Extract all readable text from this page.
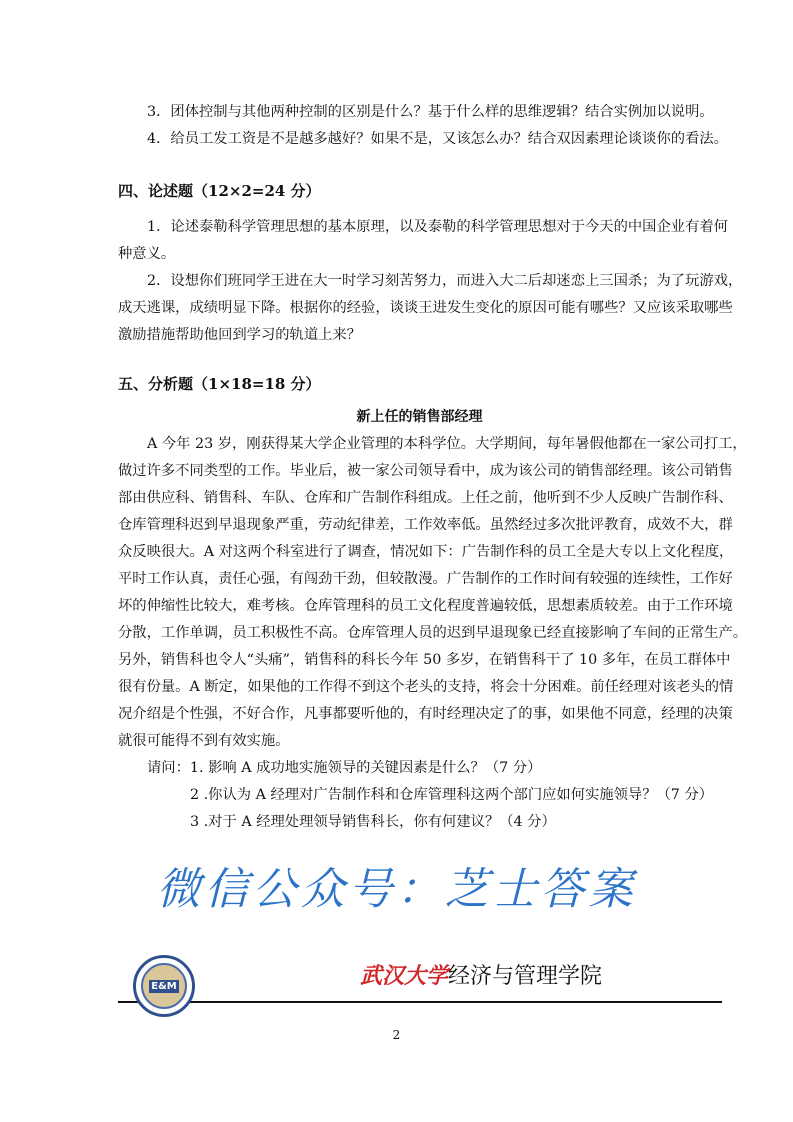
3．团体控制与其他两种控制的区别是什么？基于什么样的思维逻辑？结合实例加以说明。
4．给员工发工资是不是越多越好？如果不是，又该怎么办？结合双因素理论谈谈你的看法。
四、论述题（12×2=24 分）
1．论述泰勒科学管理思想的基本原理，以及泰勒的科学管理思想对于今天的中国企业有着何
种意义。
2．设想你们班同学王进在大一时学习刻苦努力，而进入大二后却迷恋上三国杀；为了玩游戏，
成天逃课，成绩明显下降。根据你的经验，谈谈王进发生变化的原因可能有哪些？又应该采取哪些
激励措施帮助他回到学习的轨道上来？
五、分析题（1×18=18 分）
新上任的销售部经理
A 今年 23 岁，刚获得某大学企业管理的本科学位。大学期间，每年暑假他都在一家公司打工，
做过许多不同类型的工作。毕业后，被一家公司领导看中，成为该公司的销售部经理。该公司销售
部由供应科、销售科、车队、仓库和广告制作科组成。上任之前，他听到不少人反映广告制作科、
仓库管理科迟到早退现象严重，劳动纪律差，工作效率低。虽然经过多次批评教育，成效不大，群
众反映很大。A 对这两个科室进行了调查，情况如下：广告制作科的员工全是大专以上文化程度，
平时工作认真，责任心强，有闯劲干劲，但较散漫。广告制作的工作时间有较强的连续性，工作好
坏的伸缩性比较大，难考核。仓库管理科的员工文化程度普遍较低，思想素质较差。由于工作环境
分散，工作单调，员工积极性不高。仓库管理人员的迟到早退现象已经直接影响了车间的正常生产。
另外，销售科也令人“头痛”，销售科的科长今年 50 多岁，在销售科干了 10 多年，在员工群体中
很有份量。A 断定，如果他的工作得不到这个老头的支持，将会十分困难。前任经理对该老头的情
况介绍是个性强，不好合作，凡事都要听他的，有时经理决定了的事，如果他不同意，经理的决策
就很可能得不到有效实施。
请问：1. 影响 A 成功地实施领导的关键因素是什么？（7 分）
2 .你认为 A 经理对广告制作科和仓库管理科这两个部门应如何实施领导？（7 分）
3 .对于 A 经理处理领导销售科长，你有何建议？（4 分）
微信公众号：芝士答案
E&M	武汉大学经济与管理学院
2
